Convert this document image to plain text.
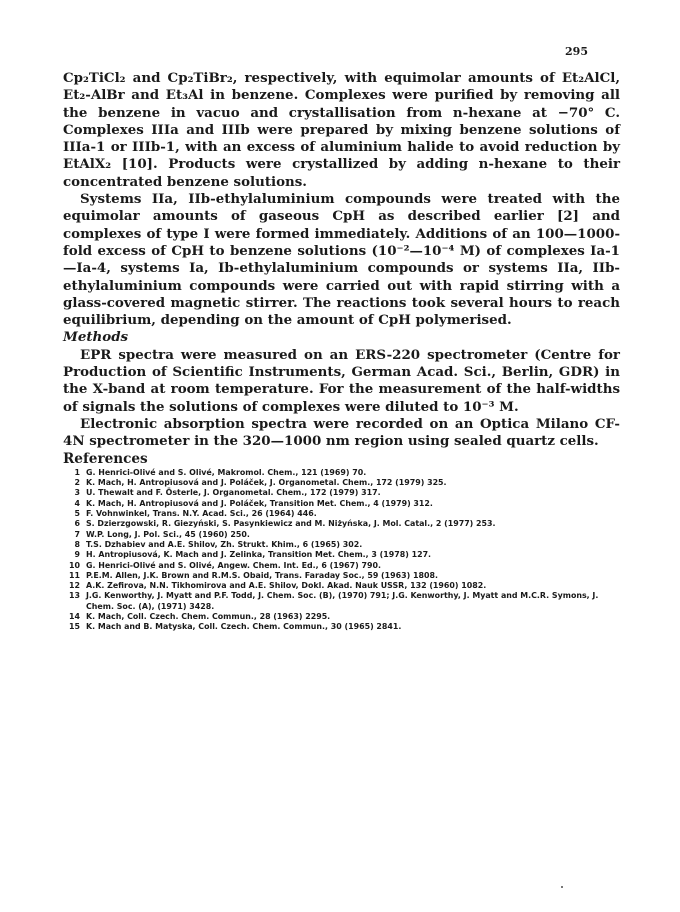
295

Cp₂TiCl₂ and Cp₂TiBr₂, respectively, with equimolar amounts of Et₂AlCl, Et₂-AlBr and Et₃Al in benzene. Complexes were purified by removing all the benzene in vacuo and crystallisation from n-hexane at −70° C. Complexes IIIa and IIIb were prepared by mixing benzene solutions of IIIa-1 or IIIb-1, with an excess of aluminium halide to avoid reduction by EtAlX₂ [10]. Products were crystallized by adding n-hexane to their concentrated benzene solutions.

Systems IIa, IIb-ethylaluminium compounds were treated with the equimolar amounts of gaseous CpH as described earlier [2] and complexes of type I were formed immediately. Additions of an 100—1000-fold excess of CpH to benzene solutions (10⁻²—10⁻⁴ M) of complexes Ia-1—Ia-4, systems Ia, Ib-ethylaluminium compounds or systems IIa, IIb-ethylaluminium compounds were carried out with rapid stirring with a glass-covered magnetic stirrer. The reactions took several hours to reach equilibrium, depending on the amount of CpH polymerised.

Methods

EPR spectra were measured on an ERS-220 spectrometer (Centre for Production of Scientific Instruments, German Acad. Sci., Berlin, GDR) in the X-band at room temperature. For the measurement of the half-widths of signals the solutions of complexes were diluted to 10⁻³ M.

Electronic absorption spectra were recorded on an Optica Milano CF-4N spectrometer in the 320—1000 nm region using sealed quartz cells.

References

1 G. Henrici-Olivé and S. Olivé, Makromol. Chem., 121 (1969) 70.
2 K. Mach, H. Antropiusová and J. Poláček, J. Organometal. Chem., 172 (1979) 325.
3 U. Thewalt and F. Österle, J. Organometal. Chem., 172 (1979) 317.
4 K. Mach, H. Antropiusová and J. Poláček, Transition Met. Chem., 4 (1979) 312.
5 F. Vohnwinkel, Trans. N.Y. Acad. Sci., 26 (1964) 446.
6 S. Dzierzgowski, R. Giezyński, S. Pasynkiewicz and M. Niżyńska, J. Mol. Catal., 2 (1977) 253.
7 W.P. Long, J. Pol. Sci., 45 (1960) 250.
8 T.S. Dzhabiev and A.E. Shilov, Zh. Strukt. Khim., 6 (1965) 302.
9 H. Antropiusová, K. Mach and J. Zelinka, Transition Met. Chem., 3 (1978) 127.
10 G. Henrici-Olivé and S. Olivé, Angew. Chem. Int. Ed., 6 (1967) 790.
11 P.E.M. Allen, J.K. Brown and R.M.S. Obaid, Trans. Faraday Soc., 59 (1963) 1808.
12 A.K. Zefirova, N.N. Tikhomirova and A.E. Shilov, Dokl. Akad. Nauk USSR, 132 (1960) 1082.
13 J.G. Kenworthy, J. Myatt and P.F. Todd, J. Chem. Soc. (B), (1970) 791; J.G. Kenworthy, J. Myatt and M.C.R. Symons, J. Chem. Soc. (A), (1971) 3428.
14 K. Mach, Coll. Czech. Chem. Commun., 28 (1963) 2295.
15 K. Mach and B. Matyska, Coll. Czech. Chem. Commun., 30 (1965) 2841.
